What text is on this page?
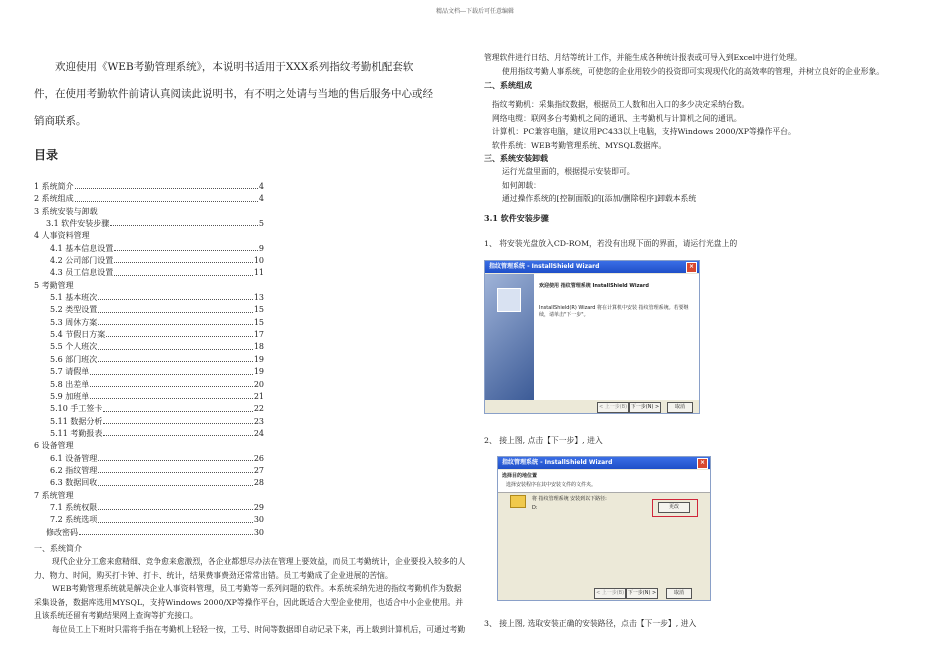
精品文档---下载后可任意编辑
欢迎使用《WEB考勤管理系统》，本说明书适用于XXX系列指纹考勤机配套软件，在使用考勤软件前请认真阅读此说明书，有不明之处请与当地的售后服务中心或经销商联系。
目录
1 系统简介	4
2 系统组成	4
3 系统安装与卸载
3.1 软件安装步骤	5
4 人事资料管理
4.1 基本信息设置	9
4.2 公司部门设置	10
4.3 员工信息设置	11
5 考勤管理
5.1 基本班次	13
5.2 类型设置	15
5.3 周休方案	15
5.4 节假日方案	17
5.5 个人班次	18
5.6 部门班次	19
5.7 请假单	19
5.8 出差单	20
5.9 加班单	21
5.10 手工签卡	22
5.11 数据分析	23
5.11 考勤报表	24
6 设备管理
6.1 设备管理	26
6.2 指纹管理	27
6.3 数据回收	28
7 系统管理
7.1 系统权限	29
7.2 系统选项	30
修改密码	30
一、系统简介
现代企业分工愈来愈精细、竞争愈来愈激烈，各企业都想尽办法在管理上要效益，而员工考勤统计，企业要投入较多的人力、物力、时间，购买打卡钟、打卡、统计，结果费事费劲还常常出错。员工考勤成了企业进展的苦恼。
WEB考勤管理系统就是解决企业人事资料管理，员工考勤等一系列问题的软件。本系统采纳先进的指纹考勤机作为数据采集设备，数据库选用MYSQL，支持Windows 2000/XP等操作平台，因此既适合大型企业使用，也适合中小企业使用。并且该系统还留有考勤结果网上查询等扩充接口。
每位员工上下班时只需将手指在考勤机上轻轻一按，工号、时间等数据即自动记录下来，再上载到计算机后，可通过考勤
管理软件进行日结、月结等统计工作，并能生成各种统计报表或可导入到Excel中进行处理。
使用指纹考勤人事系统，可使您的企业用较少的投资即可实现现代化的高效率的管理，并树立良好的企业形象。
二、系统组成
指纹考勤机：采集指纹数据，根据员工人数和出入口的多少决定采纳台数。
网络电缆：联网多台考勤机之间的通讯、主考勤机与计算机之间的通讯。
计算机：PC兼容电脑，建议用PC433以上电脑，支持Windows 2000/XP等操作平台。
软件系统：WEB考勤管理系统、MYSQL数据库。
三、系统安装卸载
运行光盘里面的，根据提示安装即可。
如何卸载：
通过操作系统的[控制面版]的[添加/删除程序]卸载本系统
3.1 软件安装步骤
1、 将安装光盘放入CD-ROM，若没有出现下面的界面，请运行光盘上的
指纹管理系统 - InstallShield Wizard	×
欢迎使用 指纹管理系统 InstallShield Wizard
InstallShield(R) Wizard 将在计算机中安装 指纹管理系统。若要继续，请单击"下一步"。
< 上一步(B) 下一步(N) >	取消
2、 接上图, 点击【下一步】, 进入
指纹管理系统 - InstallShield Wizard	×
选择目的地位置
选择安装程序在其中安装文件的文件夹。
将 指纹管理系统 安装到以下路径:
D:	更改
< 上一步(B) 下一步(N) >	取消
3、 接上图, 选取安装正确的安装路径，点击【下一步】, 进入
